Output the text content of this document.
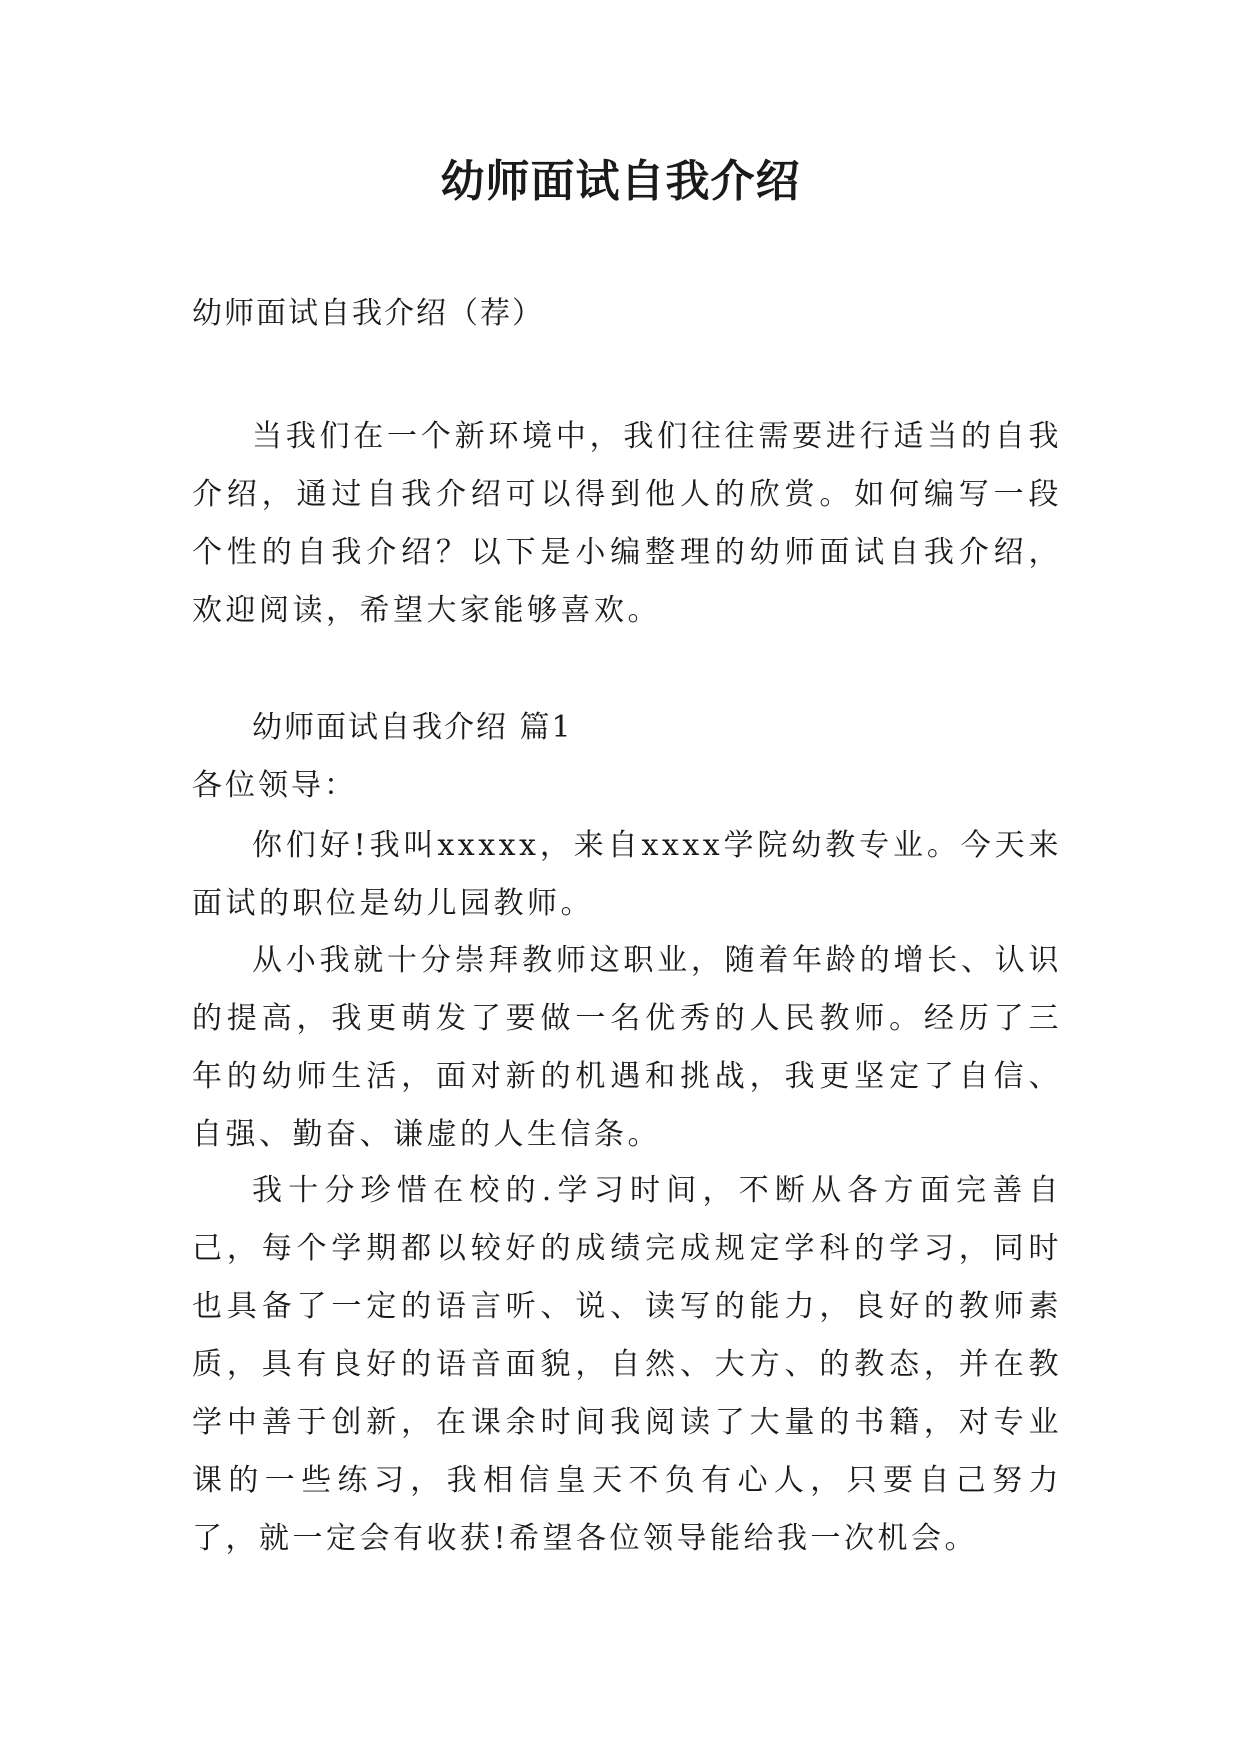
幼师面试自我介绍

幼师面试自我介绍（荐）

当我们在一个新环境中，我们往往需要进行适当的自我介绍，通过自我介绍可以得到他人的欣赏。如何编写一段个性的自我介绍？以下是小编整理的幼师面试自我介绍，欢迎阅读，希望大家能够喜欢。

幼师面试自我介绍 篇1

各位领导：

你们好!我叫xxxxx，来自xxxx学院幼教专业。今天来面试的职位是幼儿园教师。

从小我就十分崇拜教师这职业，随着年龄的增长、认识的提高，我更萌发了要做一名优秀的人民教师。经历了三年的幼师生活，面对新的机遇和挑战，我更坚定了自信、自强、勤奋、谦虚的人生信条。

我十分珍惜在校的.学习时间，不断从各方面完善自己，每个学期都以较好的成绩完成规定学科的学习，同时也具备了一定的语言听、说、读写的能力，良好的教师素质，具有良好的语音面貌，自然、大方、的教态，并在教学中善于创新，在课余时间我阅读了大量的书籍，对专业课的一些练习，我相信皇天不负有心人，只要自己努力了，就一定会有收获!希望各位领导能给我一次机会。
